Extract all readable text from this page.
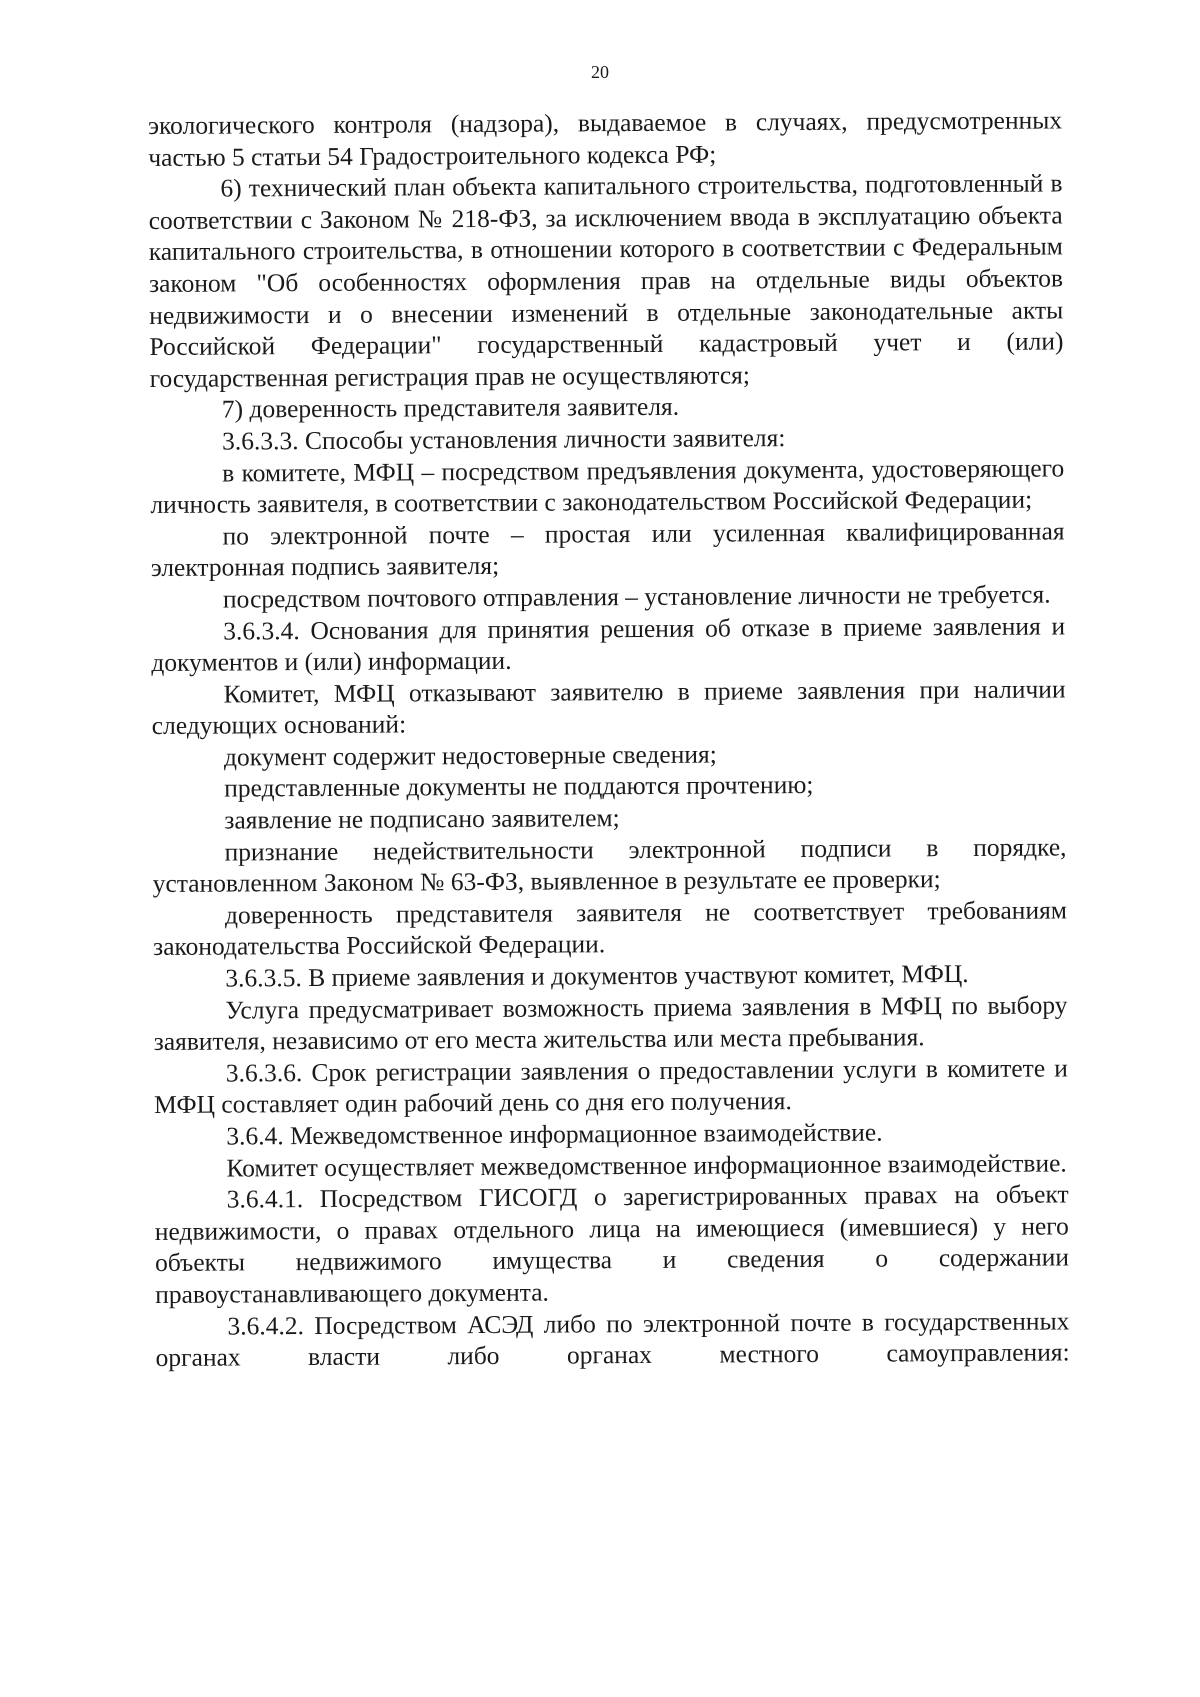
20

экологического контроля (надзора), выдаваемое в случаях, предусмотренных частью 5 статьи 54 Градостроительного кодекса РФ;

6) технический план объекта капитального строительства, подготовленный в соответствии с Законом № 218-ФЗ, за исключением ввода в эксплуатацию объекта капитального строительства, в отношении которого в соответствии с Федеральным законом "Об особенностях оформления прав на отдельные виды объектов недвижимости и о внесении изменений в отдельные законодательные акты Российской Федерации" государственный кадастровый учет и (или) государственная регистрация прав не осуществляются;

7) доверенность представителя заявителя.

3.6.3.3. Способы установления личности заявителя:

в комитете, МФЦ – посредством предъявления документа, удостоверяющего личность заявителя, в соответствии с законодательством Российской Федерации;

по электронной почте – простая или усиленная квалифицированная электронная подпись заявителя;

посредством почтового отправления – установление личности не требуется.

3.6.3.4. Основания для принятия решения об отказе в приеме заявления и документов и (или) информации.

Комитет, МФЦ отказывают заявителю в приеме заявления при наличии следующих оснований:

документ содержит недостоверные сведения;

представленные документы не поддаются прочтению;

заявление не подписано заявителем;

признание недействительности электронной подписи в порядке, установленном Законом № 63-ФЗ, выявленное в результате ее проверки;

доверенность представителя заявителя не соответствует требованиям законодательства Российской Федерации.

3.6.3.5. В приеме заявления и документов участвуют комитет, МФЦ.

Услуга предусматривает возможность приема заявления в МФЦ по выбору заявителя, независимо от его места жительства или места пребывания.

3.6.3.6. Срок регистрации заявления о предоставлении услуги в комитете и МФЦ составляет один рабочий день со дня его получения.

3.6.4. Межведомственное информационное взаимодействие.

Комитет осуществляет межведомственное информационное взаимодействие.

3.6.4.1. Посредством ГИСОГД о зарегистрированных правах на объект недвижимости, о правах отдельного лица на имеющиеся (имевшиеся) у него объекты недвижимого имущества и сведения о содержании правоустанавливающего документа.

3.6.4.2. Посредством АСЭД либо по электронной почте в государственных органах власти либо органах местного самоуправления:
